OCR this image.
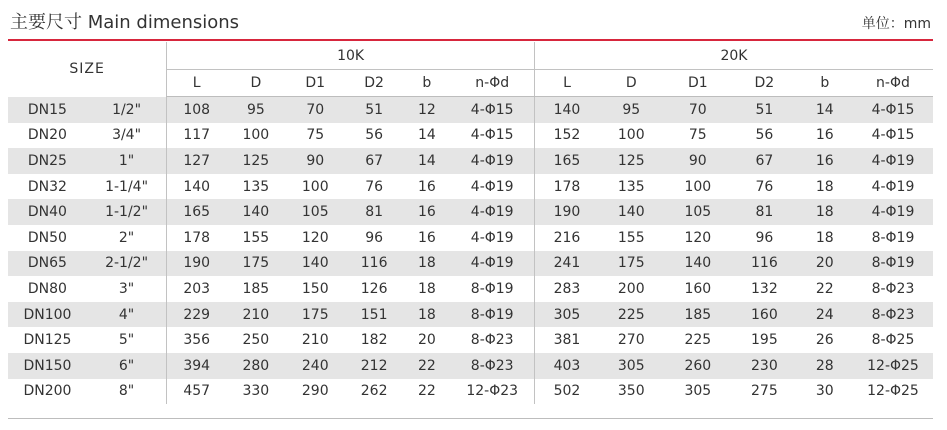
主要尺寸 Main dimensions	单位：mm
SIZE		10K						20K					
		L	D	D1	D2	b	n-Φd	L	D	D1	D2	b	n-Φd
DN15	1/2"	108	95	70	51	12	4-Φ15	140	95	70	51	14	4-Φ15
DN20	3/4"	117	100	75	56	14	4-Φ15	152	100	75	56	16	4-Φ15
DN25	1"	127	125	90	67	14	4-Φ19	165	125	90	67	16	4-Φ19
DN32	1-1/4"	140	135	100	76	16	4-Φ19	178	135	100	76	18	4-Φ19
DN40	1-1/2"	165	140	105	81	16	4-Φ19	190	140	105	81	18	4-Φ19
DN50	2"	178	155	120	96	16	4-Φ19	216	155	120	96	18	8-Φ19
DN65	2-1/2"	190	175	140	116	18	4-Φ19	241	175	140	116	20	8-Φ19
DN80	3"	203	185	150	126	18	8-Φ19	283	200	160	132	22	8-Φ23
DN100	4"	229	210	175	151	18	8-Φ19	305	225	185	160	24	8-Φ23
DN125	5"	356	250	210	182	20	8-Φ23	381	270	225	195	26	8-Φ25
DN150	6"	394	280	240	212	22	8-Φ23	403	305	260	230	28	12-Φ25
DN200	8"	457	330	290	262	22	12-Φ23	502	350	305	275	30	12-Φ25
